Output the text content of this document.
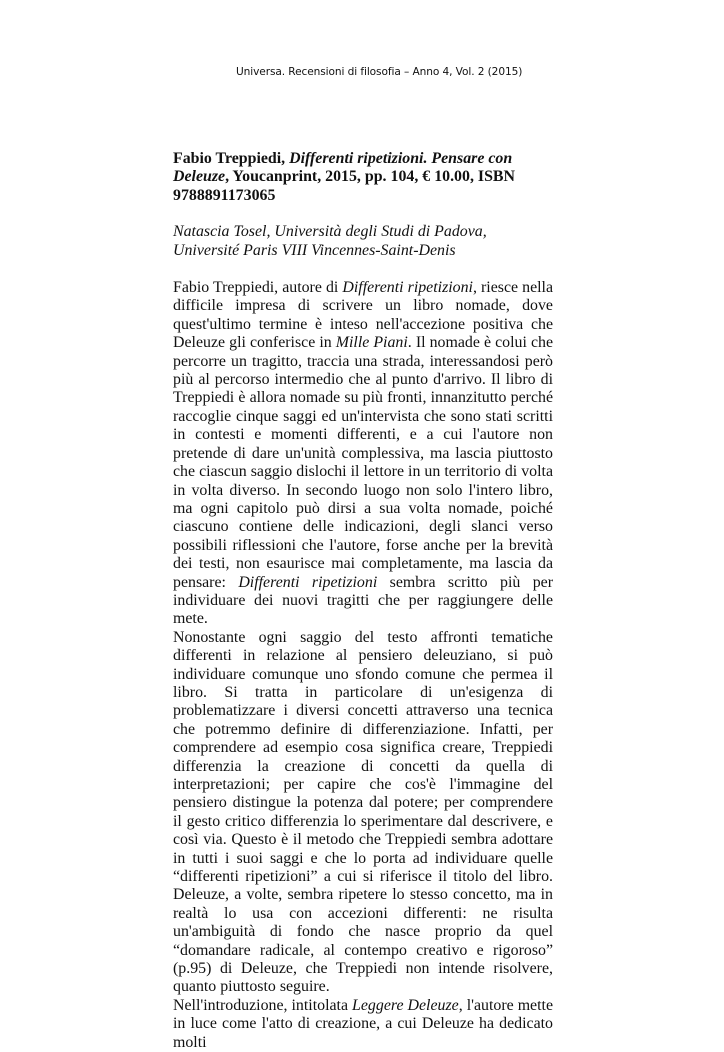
Universa. Recensioni di filosofia – Anno 4, Vol. 2 (2015)

Fabio Treppiedi, Differenti ripetizioni. Pensare con Deleuze, Youcanprint, 2015, pp. 104, € 10.00, ISBN 9788891173065

Natascia Tosel, Università degli Studi di Padova, Université Paris VIII Vincennes-Saint-Denis

Fabio Treppiedi, autore di Differenti ripetizioni, riesce nella difficile impresa di scrivere un libro nomade, dove quest'ultimo termine è inteso nell'accezione positiva che Deleuze gli conferisce in Mille Piani. Il nomade è colui che percorre un tragitto, traccia una strada, interessandosi però più al percorso intermedio che al punto d'arrivo. Il libro di Treppiedi è allora nomade su più fronti, innanzitutto perché raccoglie cinque saggi ed un'intervista che sono stati scritti in contesti e momenti differenti, e a cui l'autore non pretende di dare un'unità complessiva, ma lascia piuttosto che ciascun saggio dislochi il lettore in un territorio di volta in volta diverso. In secondo luogo non solo l'intero libro, ma ogni capitolo può dirsi a sua volta nomade, poiché ciascuno contiene delle indicazioni, degli slanci verso possibili riflessioni che l'autore, forse anche per la brevità dei testi, non esaurisce mai completamente, ma lascia da pensare: Differenti ripetizioni sembra scritto più per individuare dei nuovi tragitti che per raggiungere delle mete.

Nonostante ogni saggio del testo affronti tematiche differenti in relazione al pensiero deleuziano, si può individuare comunque uno sfondo comune che permea il libro. Si tratta in particolare di un'esigenza di problematizzare i diversi concetti attraverso una tecnica che potremmo definire di differenziazione. Infatti, per comprendere ad esempio cosa significa creare, Treppiedi differenzia la creazione di concetti da quella di interpretazioni; per capire che cos'è l'immagine del pensiero distingue la potenza dal potere; per comprendere il gesto critico differenzia lo sperimentare dal descrivere, e così via. Questo è il metodo che Treppiedi sembra adottare in tutti i suoi saggi e che lo porta ad individuare quelle “differenti ripetizioni” a cui si riferisce il titolo del libro. Deleuze, a volte, sembra ripetere lo stesso concetto, ma in realtà lo usa con accezioni differenti: ne risulta un'ambiguità di fondo che nasce proprio da quel “domandare radicale, al contempo creativo e rigoroso” (p.95) di Deleuze, che Treppiedi non intende risolvere, quanto piuttosto seguire.

Nell'introduzione, intitolata Leggere Deleuze, l'autore mette in luce come l'atto di creazione, a cui Deleuze ha dedicato molti
